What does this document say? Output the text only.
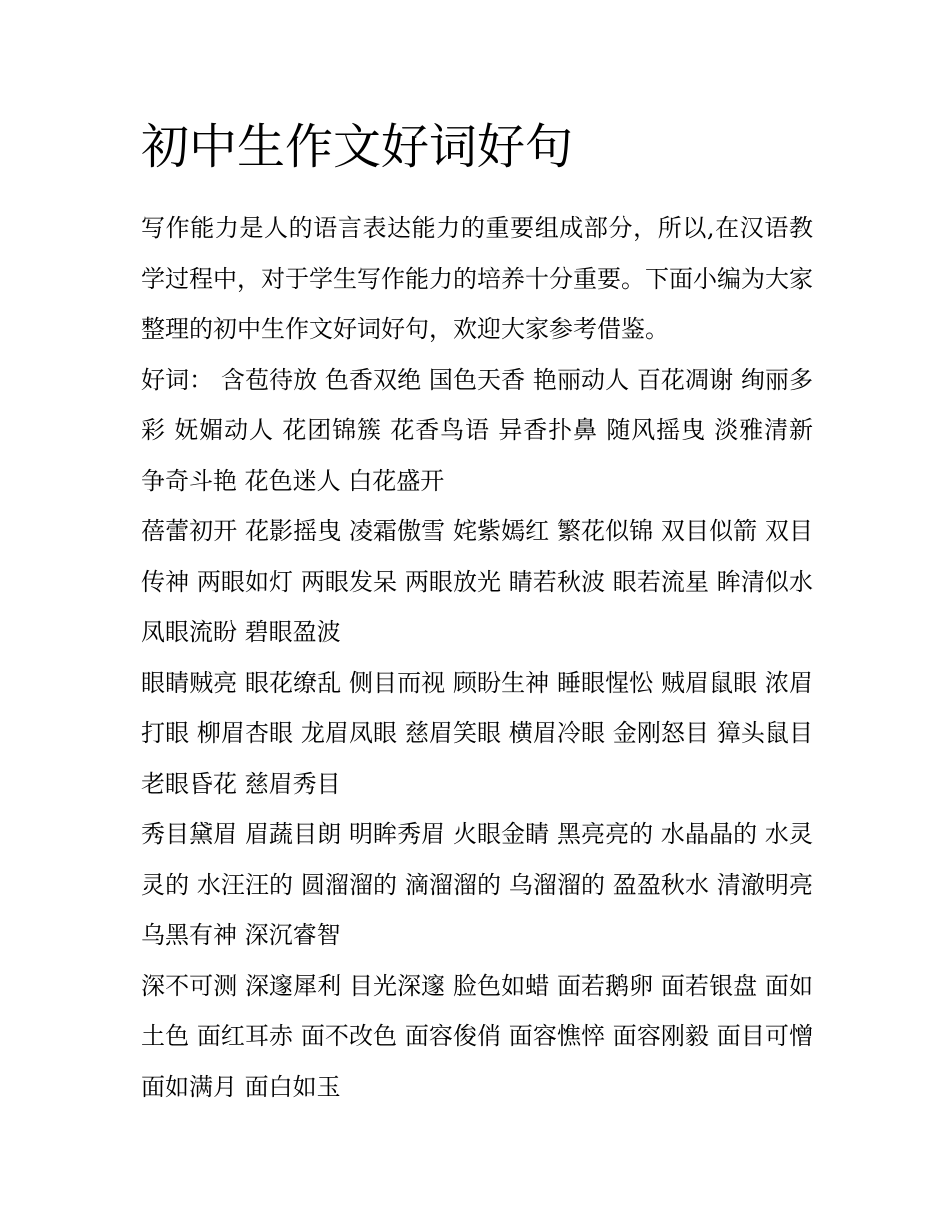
初中生作文好词好句

写作能力是人的语言表达能力的重要组成部分，所以,在汉语教学过程中，对于学生写作能力的培养十分重要。下面小编为大家整理的初中生作文好词好句，欢迎大家参考借鉴。

好词： 含苞待放 色香双绝 国色天香 艳丽动人 百花凋谢 绚丽多彩 妩媚动人 花团锦簇 花香鸟语 异香扑鼻 随风摇曳 淡雅清新 争奇斗艳 花色迷人 白花盛开

蓓蕾初开 花影摇曳 凌霜傲雪 姹紫嫣红 繁花似锦 双目似箭 双目传神 两眼如灯 两眼发呆 两眼放光 睛若秋波 眼若流星 眸清似水 凤眼流盼 碧眼盈波

眼睛贼亮 眼花缭乱 侧目而视 顾盼生神 睡眼惺忪 贼眉鼠眼 浓眉打眼 柳眉杏眼 龙眉凤眼 慈眉笑眼 横眉冷眼 金刚怒目 獐头鼠目 老眼昏花 慈眉秀目

秀目黛眉 眉蔬目朗 明眸秀眉 火眼金睛 黑亮亮的 水晶晶的 水灵灵的 水汪汪的 圆溜溜的 滴溜溜的 乌溜溜的 盈盈秋水 清澈明亮 乌黑有神 深沉睿智

深不可测 深邃犀利 目光深邃 脸色如蜡 面若鹅卵 面若银盘 面如土色 面红耳赤 面不改色 面容俊俏 面容憔悴 面容刚毅 面目可憎 面如满月 面白如玉
